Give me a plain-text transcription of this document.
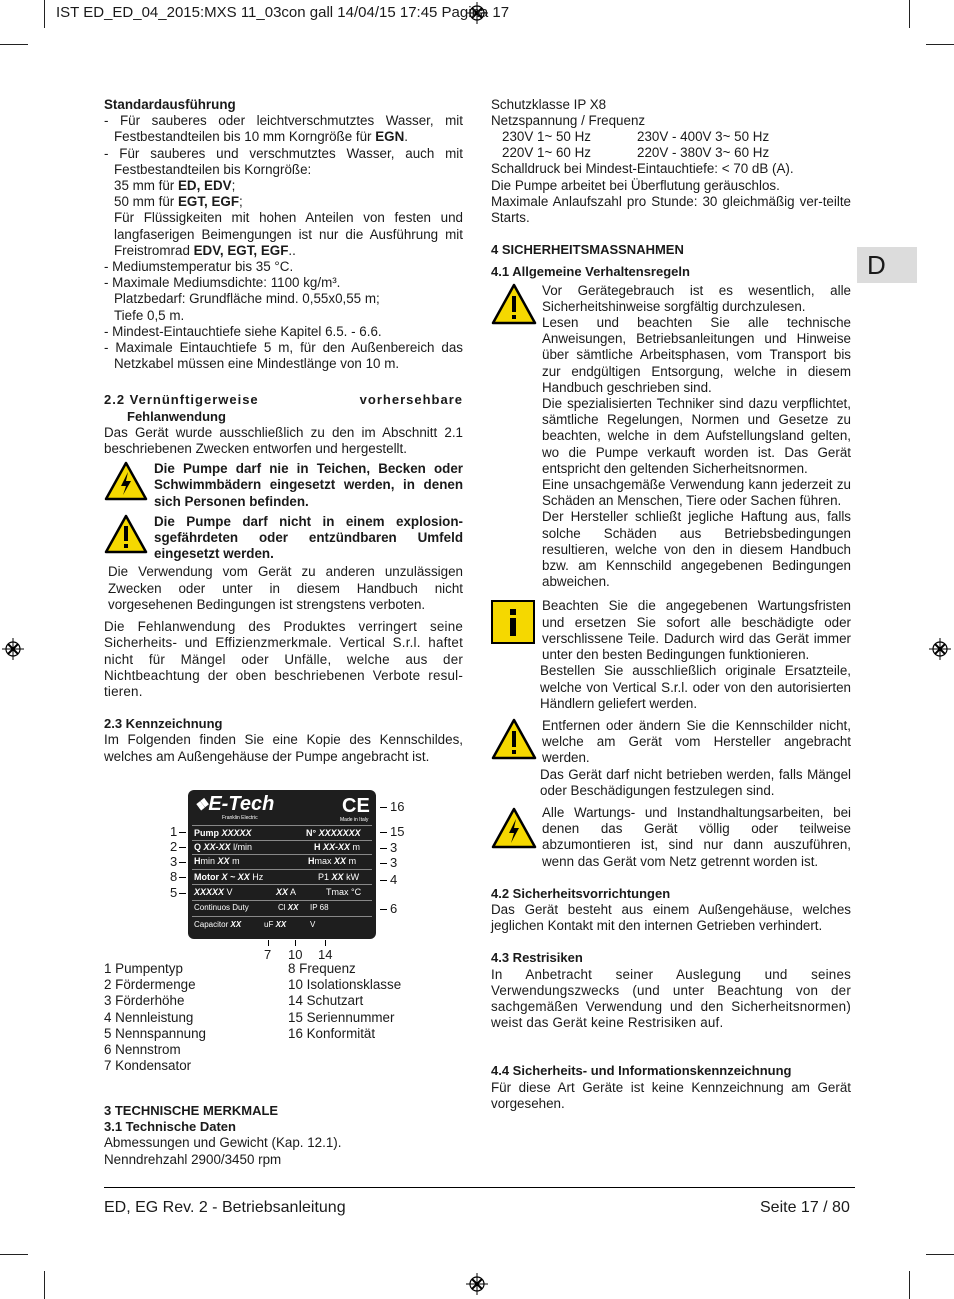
IST ED_ED_04_2015:MXS 11_03con gall 14/04/15 17:45 Pagina 17
D

Standardausführung

- Für sauberes oder leichtverschmutztes Wasser, mit Festbestandteilen bis 10 mm Korngröße für EGN.

- Für sauberes und verschmutztes Wasser, auch mit Festbestandteilen bis Korngröße:

35 mm für ED, EDV;

50 mm für EGT, EGF;

Für Flüssigkeiten mit hohen Anteilen von festen und langfaserigen Beimengungen ist nur die Ausführung mit Freistromrad EDV, EGT, EGF..

- Mediumstemperatur bis 35 °C.

- Maximale Mediumsdichte: 1100 kg/m³.

Platzbedarf: Grundfläche mind. 0,55x0,55 m;

Tiefe 0,5 m.

- Mindest-Eintauchtiefe siehe Kapitel 6.5. - 6.6.

- Maximale Eintauchtiefe 5 m, für den Außenbereich das Netzkabel müssen eine Mindestlänge von 10 m.

2.2 Vernünftigerweise	vorhersehbare

Fehlanwendung

Das Gerät wurde ausschließlich zu den im Abschnitt 2.1 beschriebenen Zwecken entworfen und hergestellt.

Die Pumpe darf nie in Teichen, Becken oder Schwimmbädern eingesetzt werden, in denen sich Personen befinden.

Die Pumpe darf nicht in einem explosion-sgefährdeten oder entzündbaren Umfeld eingesetzt werden.

Die Verwendung vom Gerät zu anderen unzulässigen Zwecken oder unter in diesem Handbuch nicht vorgesehenen Bedingungen ist strengstens verboten.

Die Fehlanwendung des Produktes verringert seine Sicherheits- und Effizienzmerkmale. Vertical S.r.l. haftet nicht für Mängel oder Unfälle, welche aus der Nichtbeachtung der oben beschriebenen Verbote resul-tieren.

2.3 Kennzeichnung

Im Folgenden finden Sie eine Kopie des Kennschildes, welches am Außengehäuse der Pumpe angebracht ist.

❖E-Tech
Franklin Electric
CE
Made in Italy
Pump XXXXX	N° XXXXXXX
Q XX-XX l/min	H XX-XX m
Hmin XX m	Hmax XX m
Motor X ~ XX Hz	P1 XX kW
XXXXX V	XX A	Tmax °C
Continuos Duty	Cl XX IP 68
Capacitor XX	uF XX	V
1
2
3
8
5
16
15
3
3
4
6
7 10 14

1 Pumpentyp

2 Fördermenge

3 Förderhöhe

4 Nennleistung

5 Nennspannung

6 Nennstrom

7 Kondensator

8 Frequenz

10 Isolationsklasse

14 Schutzart

15 Seriennummer

16 Konformität

3 TECHNISCHE MERKMALE

3.1 Technische Daten

Abmessungen und Gewicht (Kap. 12.1).

Nenndrehzahl 2900/3450 rpm

Schutzklasse IP X8

Netzspannung / Frequenz

230V 1~ 50 Hz	230V - 400V 3~ 50 Hz
220V 1~ 60 Hz	220V - 380V 3~ 60 Hz

Schalldruck bei Mindest-Eintauchtiefe: < 70 dB (A).

Die Pumpe arbeitet bei Überflutung geräuschlos.

Maximale Anlaufszahl pro Stunde: 30 gleichmäßig ver-teilte Starts.

4 SICHERHEITSMASSNAHMEN

4.1 Allgemeine Verhaltensregeln

Vor Gerätegebrauch ist es wesentlich, alle Sicherheitshinweise sorgfältig durchzulesen.

Lesen und beachten Sie alle technische Anweisungen, Betriebsanleitungen und Hinweise über sämtliche Arbeitsphasen, vom Transport bis zur endgültigen Entsorgung, welche in diesem Handbuch geschrieben sind.

Die spezialisierten Techniker sind dazu verpflichtet, sämtliche Regelungen, Normen und Gesetze zu beachten, welche in dem Aufstellungsland gelten, wo die Pumpe verkauft worden ist. Das Gerät entspricht den geltenden Sicherheitsnormen.

Eine unsachgemäße Verwendung kann jederzeit zu Schäden an Menschen, Tiere oder Sachen führen.

Der Hersteller schließt jegliche Haftung aus, falls solche Schäden aus Betriebsbedingungen resultieren, welche von den in diesem Handbuch bzw. am Kennschild angegebenen Bedingungen abweichen.

Beachten Sie die angegebenen Wartungsfristen und ersetzen Sie sofort alle beschädigte oder verschlissene Teile. Dadurch wird das Gerät immer unter den besten Bedingungen funktionieren.

Bestellen Sie ausschließlich originale Ersatzteile, welche von Vertical S.r.l. oder von den autorisierten Händlern geliefert werden.

Entfernen oder ändern Sie die Kennschilder nicht, welche am Gerät vom Hersteller angebracht werden.

Das Gerät darf nicht betrieben werden, falls Mängel oder Beschädigungen festzulegen sind.

Alle Wartungs- und Instandhaltungsarbeiten, bei denen das Gerät völlig oder teilweise abzumontieren ist, sind nur dann auszuführen, wenn das Gerät vom Netz getrennt worden ist.

4.2 Sicherheitsvorrichtungen

Das Gerät besteht aus einem Außengehäuse, welches jeglichen Kontakt mit den internen Getrieben verhindert.

4.3 Restrisiken

In Anbetracht seiner Auslegung und seines Verwendungszwecks (und unter Beachtung von der sachgemäßen Verwendung und den Sicherheitsnormen) weist das Gerät keine Restrisiken auf.

4.4 Sicherheits- und Informationskennzeichnung

Für diese Art Geräte ist keine Kennzeichnung am Gerät vorgesehen.

ED, EG Rev. 2 - Betriebsanleitung	Seite 17 / 80
